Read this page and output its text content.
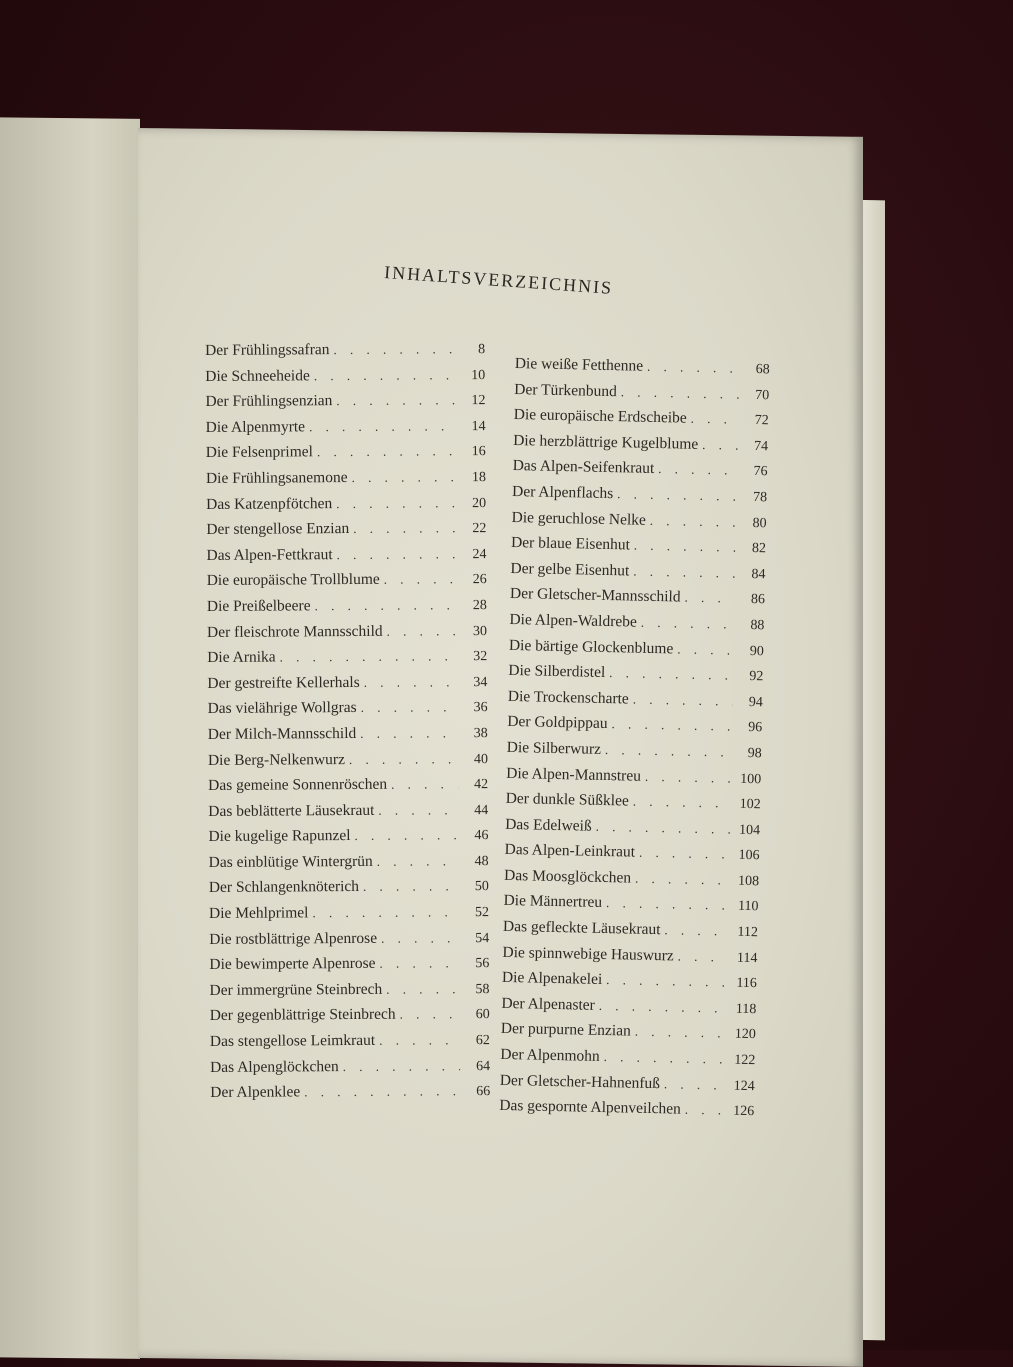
INHALTSVERZEICHNIS
Der Frühlingssafran . . .	8
Die Schneeheide . . .	10
Der Frühlingsenzian . . .	12
Die Alpenmyrte . . .	14
Die Felsenprimel . . .	16
Die Frühlingsanemone . . .	18
Das Katzenpfötchen . . .	20
Der stengellose Enzian . . .	22
Das Alpen-Fettkraut . . .	24
Die europäische Trollblume . . .	26
Die Preißelbeere . . .	28
Der fleischrote Mannsschild . . .	30
Die Arnika . . .	32
Der gestreifte Kellerhals . . .	34
Das vielährige Wollgras . . .	36
Der Milch-Mannsschild . . .	38
Die Berg-Nelkenwurz . . .	40
Das gemeine Sonnenröschen . . .	42
Das beblätterte Läusekraut . . .	44
Die kugelige Rapunzel . . .	46
Das einblütige Wintergrün . . .	48
Der Schlangenknöterich . . .	50
Die Mehlprimel . . .	52
Die rostblättrige Alpenrose . . .	54
Die bewimperte Alpenrose . . .	56
Der immergrüne Steinbrech . . .	58
Der gegenblättrige Steinbrech . . .	60
Das stengellose Leimkraut . . .	62
Das Alpenglöckchen . . .	64
Der Alpenklee . . .	66
Die weiße Fetthenne . . .	68
Der Türkenbund . . .	70
Die europäische Erdscheibe . . .	72
Die herzblättrige Kugelblume . . .	74
Das Alpen-Seifenkraut . . .	76
Der Alpenflachs . . .	78
Die geruchlose Nelke . . .	80
Der blaue Eisenhut . . .	82
Der gelbe Eisenhut . . .	84
Der Gletscher-Mannsschild . . .	86
Die Alpen-Waldrebe . . .	88
Die bärtige Glockenblume . . .	90
Die Silberdistel . . .	92
Die Trockenscharte . . .	94
Der Goldpippau . . .	96
Die Silberwurz . . .	98
Die Alpen-Mannstreu . . .	100
Der dunkle Süßklee . . .	102
Das Edelweiß . . .	104
Das Alpen-Leinkraut . . .	106
Das Moosglöckchen . . .	108
Die Männertreu . . .	110
Das gefleckte Läusekraut . . .	112
Die spinnwebige Hauswurz . . .	114
Die Alpenakelei . . .	116
Der Alpenaster . . .	118
Der purpurne Enzian . . .	120
Der Alpenmohn . . .	122
Der Gletscher-Hahnenfuß . . .	124
Das gespornte Alpenveilchen . . .	126
